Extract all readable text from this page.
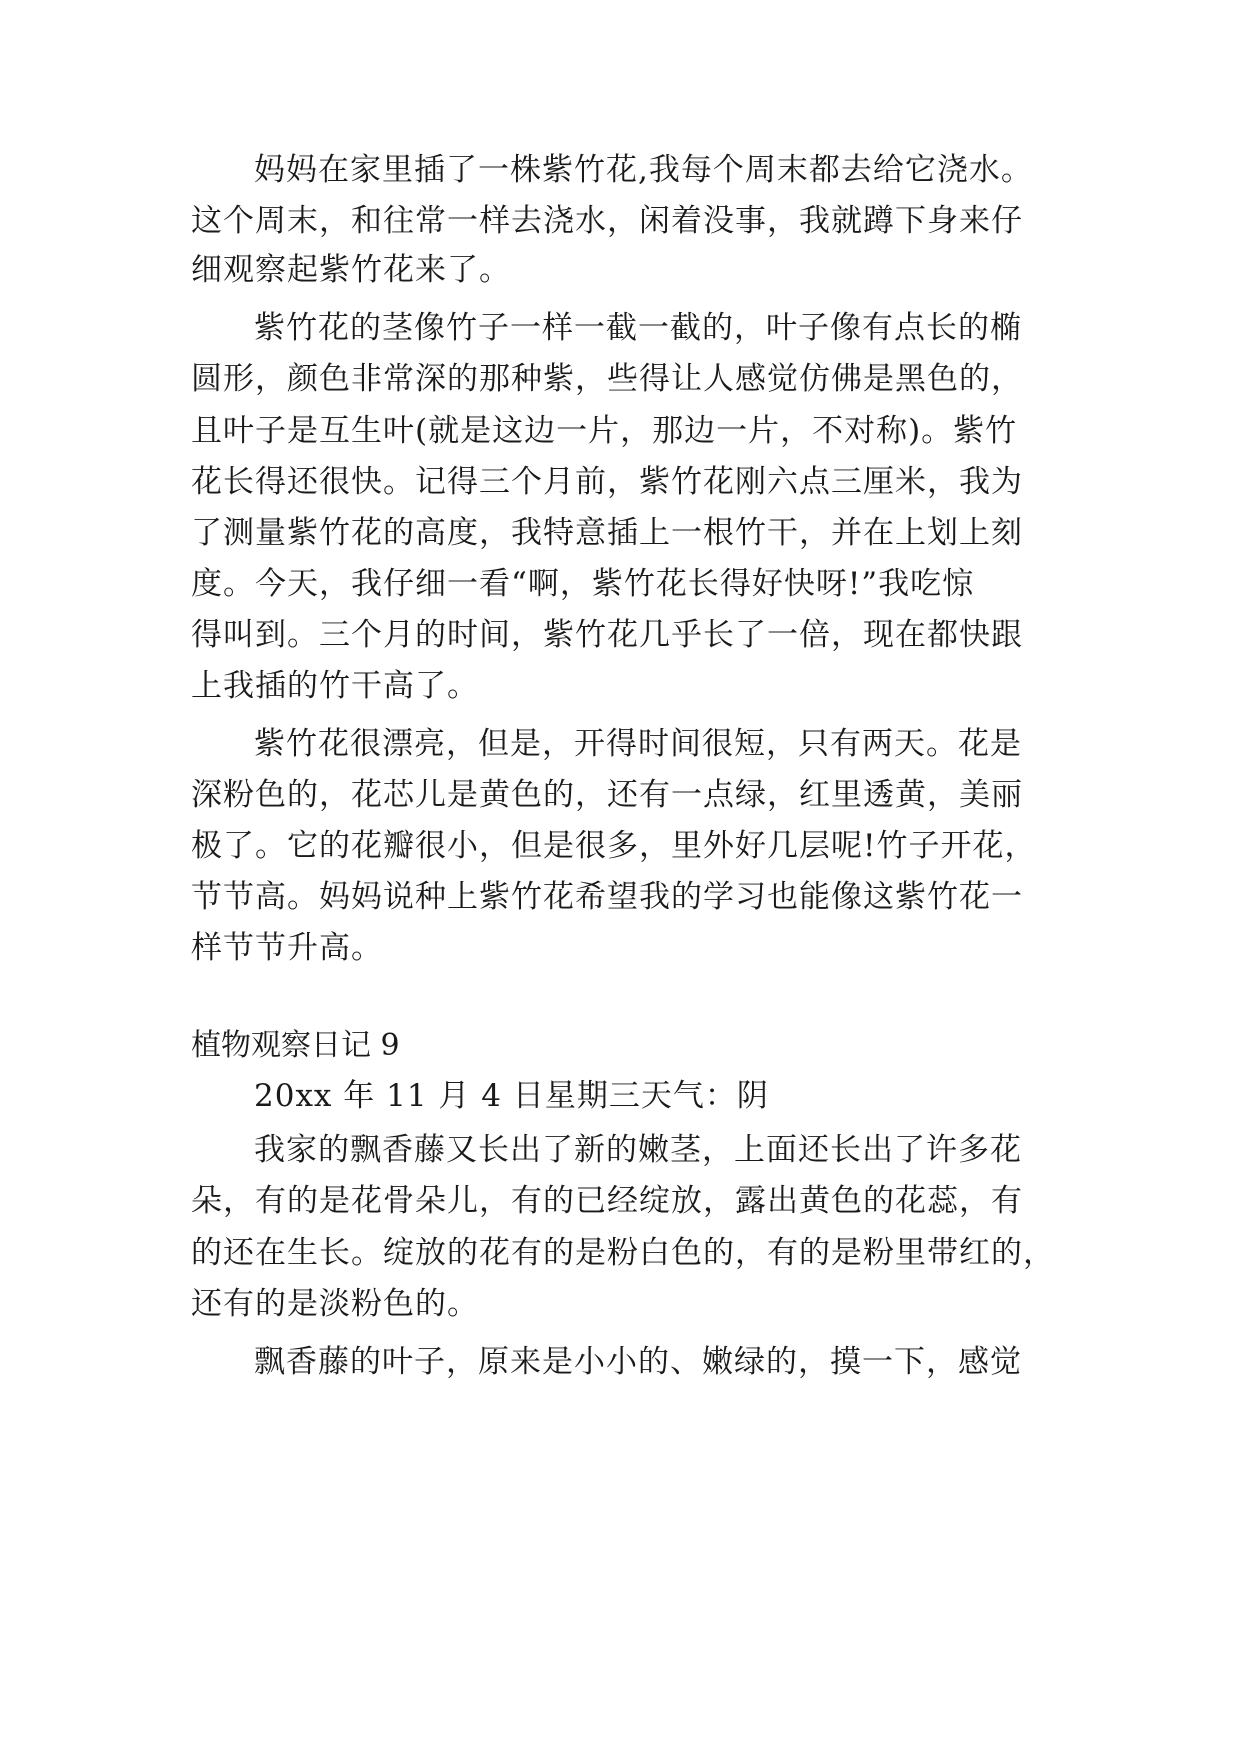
妈妈在家里插了一株紫竹花,我每个周末都去给它浇水。
这个周末，和往常一样去浇水，闲着没事，我就蹲下身来仔
细观察起紫竹花来了。
紫竹花的茎像竹子一样一截一截的，叶子像有点长的椭
圆形，颜色非常深的那种紫，些得让人感觉仿佛是黑色的，
且叶子是互生叶(就是这边一片，那边一片，不对称)。紫竹
花长得还很快。记得三个月前，紫竹花刚六点三厘米，我为
了测量紫竹花的高度，我特意插上一根竹干，并在上划上刻
度。今天，我仔细一看“啊，紫竹花长得好快呀!”我吃惊
得叫到。三个月的时间，紫竹花几乎长了一倍，现在都快跟
上我插的竹干高了。
紫竹花很漂亮，但是，开得时间很短，只有两天。花是
深粉色的，花芯儿是黄色的，还有一点绿，红里透黄，美丽
极了。它的花瓣很小，但是很多，里外好几层呢!竹子开花，
节节高。妈妈说种上紫竹花希望我的学习也能像这紫竹花一
样节节升高。
植物观察日记 9
20xx 年 11 月 4 日星期三天气：阴
我家的飘香藤又长出了新的嫩茎，上面还长出了许多花
朵，有的是花骨朵儿，有的已经绽放，露出黄色的花蕊，有
的还在生长。绽放的花有的是粉白色的，有的是粉里带红的，
还有的是淡粉色的。
飘香藤的叶子，原来是小小的、嫩绿的，摸一下，感觉
